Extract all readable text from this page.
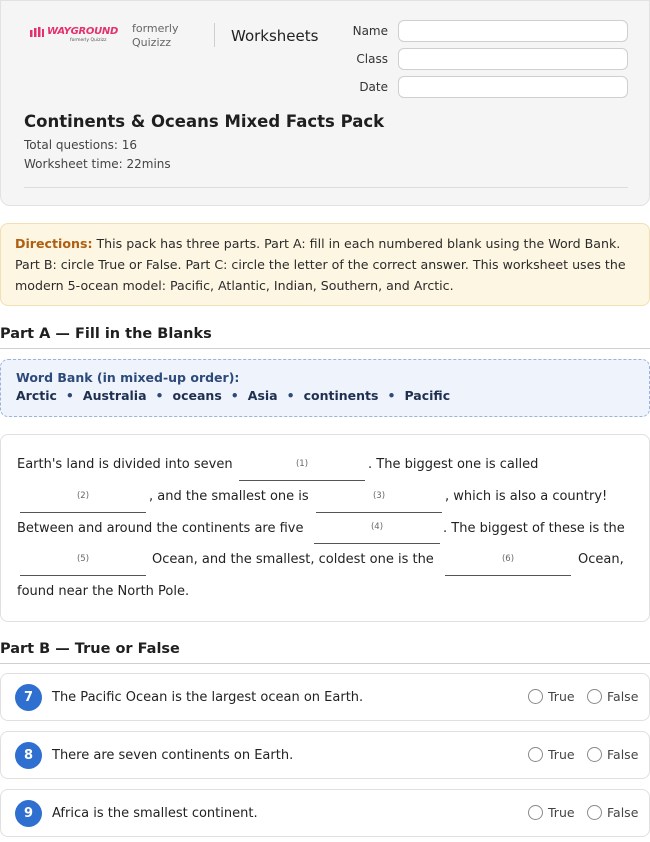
WAYGROUND
formerly Quizizz
formerly
Quizizz	Worksheets	Name
Class
Date
Continents & Oceans Mixed Facts Pack
Total questions: 16
Worksheet time: 22mins
Directions: This pack has three parts. Part A: fill in each numbered blank using the Word Bank. Part B: circle True or False. Part C: circle the letter of the correct answer. This worksheet uses the modern 5-ocean model: Pacific, Atlantic, Indian, Southern, and Arctic.
Part A — Fill in the Blanks
Word Bank (in mixed-up order):
Arctic • Australia • oceans • Asia • continents • Pacific
Earth's land is divided into seven	(1)	. The biggest one is called
(2)	, and the smallest one is	(3)	, which is also a country!
Between and around the continents are five	(4)	. The biggest of these is the
(5)	Ocean, and the smallest, coldest one is the	(6)	Ocean,
found near the North Pole.
Part B — True or False
7	The Pacific Ocean is the largest ocean on Earth.	True	False
8	There are seven continents on Earth.	True	False
9	Africa is the smallest continent.	True	False
